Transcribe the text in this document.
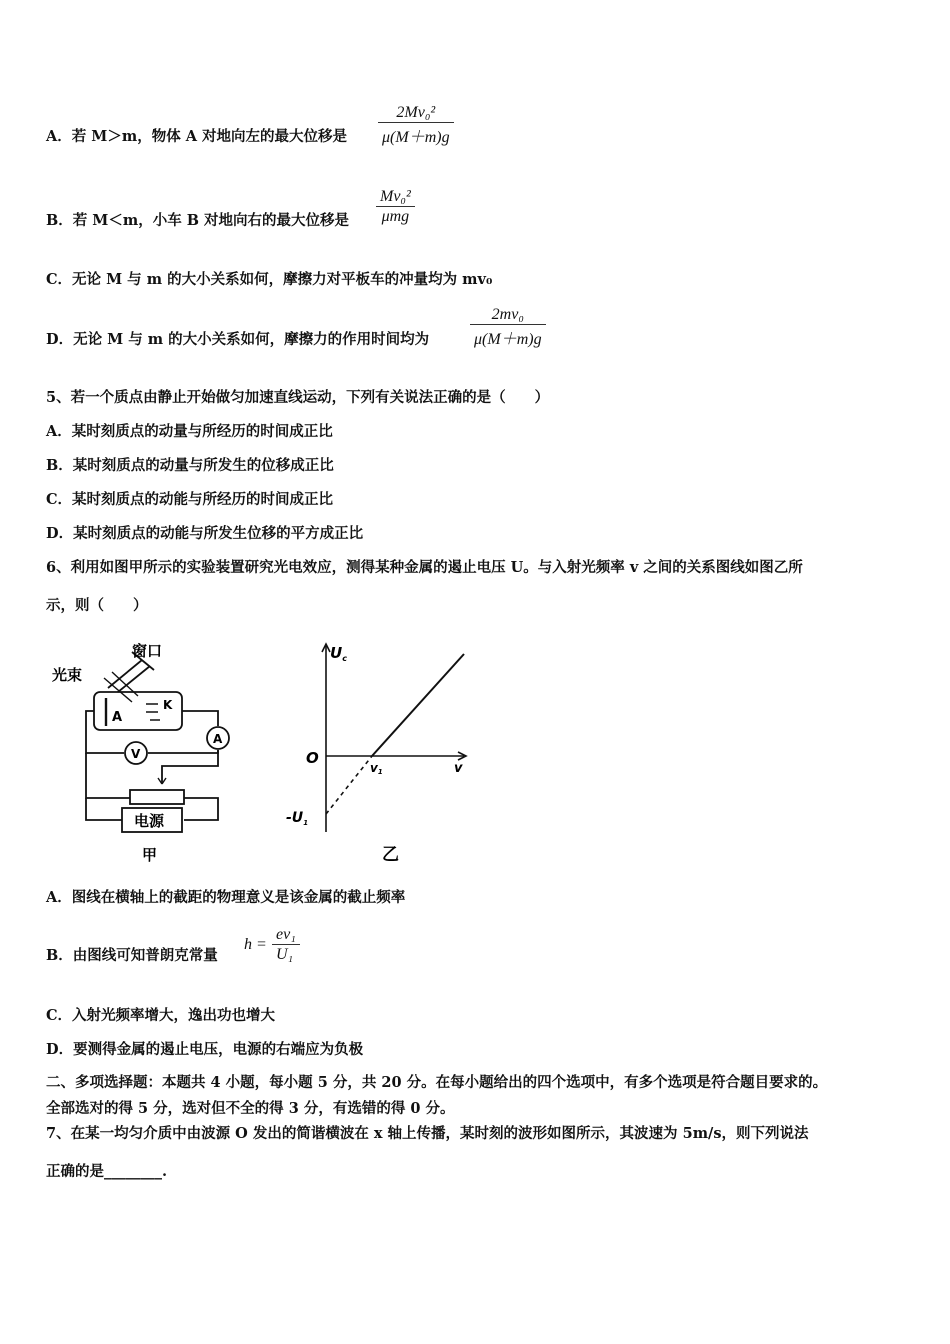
A．若 M＞m，物体 A 对地向左的最大位移是 $\frac{\text{2Mv₀²}}{\mu(M+m)g}$
B．若 M＜m，小车 B 对地向右的最大位移是
Mv₀²
μmg
C．无论 M 与 m 的大小关系如何，摩擦力对平板车的冲量均为 mv₀
D．无论 M 与 m 的大小关系如何，摩擦力的作用时间均为	$\frac{\text{2mv₀}}{\mu(M+m)g}$
5、若一个质点由静止开始做匀加速直线运动，下列有关说法正确的是（　　）
A．某时刻质点的动量与所经历的时间成正比
B．某时刻质点的动量与所发生的位移成正比
C．某时刻质点的动能与所经历的时间成正比
D．某时刻质点的动能与所发生位移的平方成正比
6、利用如图甲所示的实验装置研究光电效应，测得某种金属的遏止电压 U。与入射光频率 v 之间的关系图线如图乙所
示，则（　　）
窗口
光束
A
K
V
A
电源
甲
$U_c$
O
v
v1
$-U_1$
乙
A．图线在横轴上的截距的物理意义是该金属的截止频率
B．由图线可知普朗克常量
h =
ev₁
U₁
C．入射光频率增大，逸出功也增大
D．要测得金属的遏止电压，电源的右端应为负极
二、多项选择题：本题共 4 小题，每小题 5 分，共 20 分。在每小题给出的四个选项中，有多个选项是符合题目要求的。
全部选对的得 5 分，选对但不全的得 3 分，有选错的得 0 分。
7、在某一均匀介质中由波源 O 发出的简谐横波在 x 轴上传播，某时刻的波形如图所示，其波速为 5m/s，则下列说法
正确的是________.
